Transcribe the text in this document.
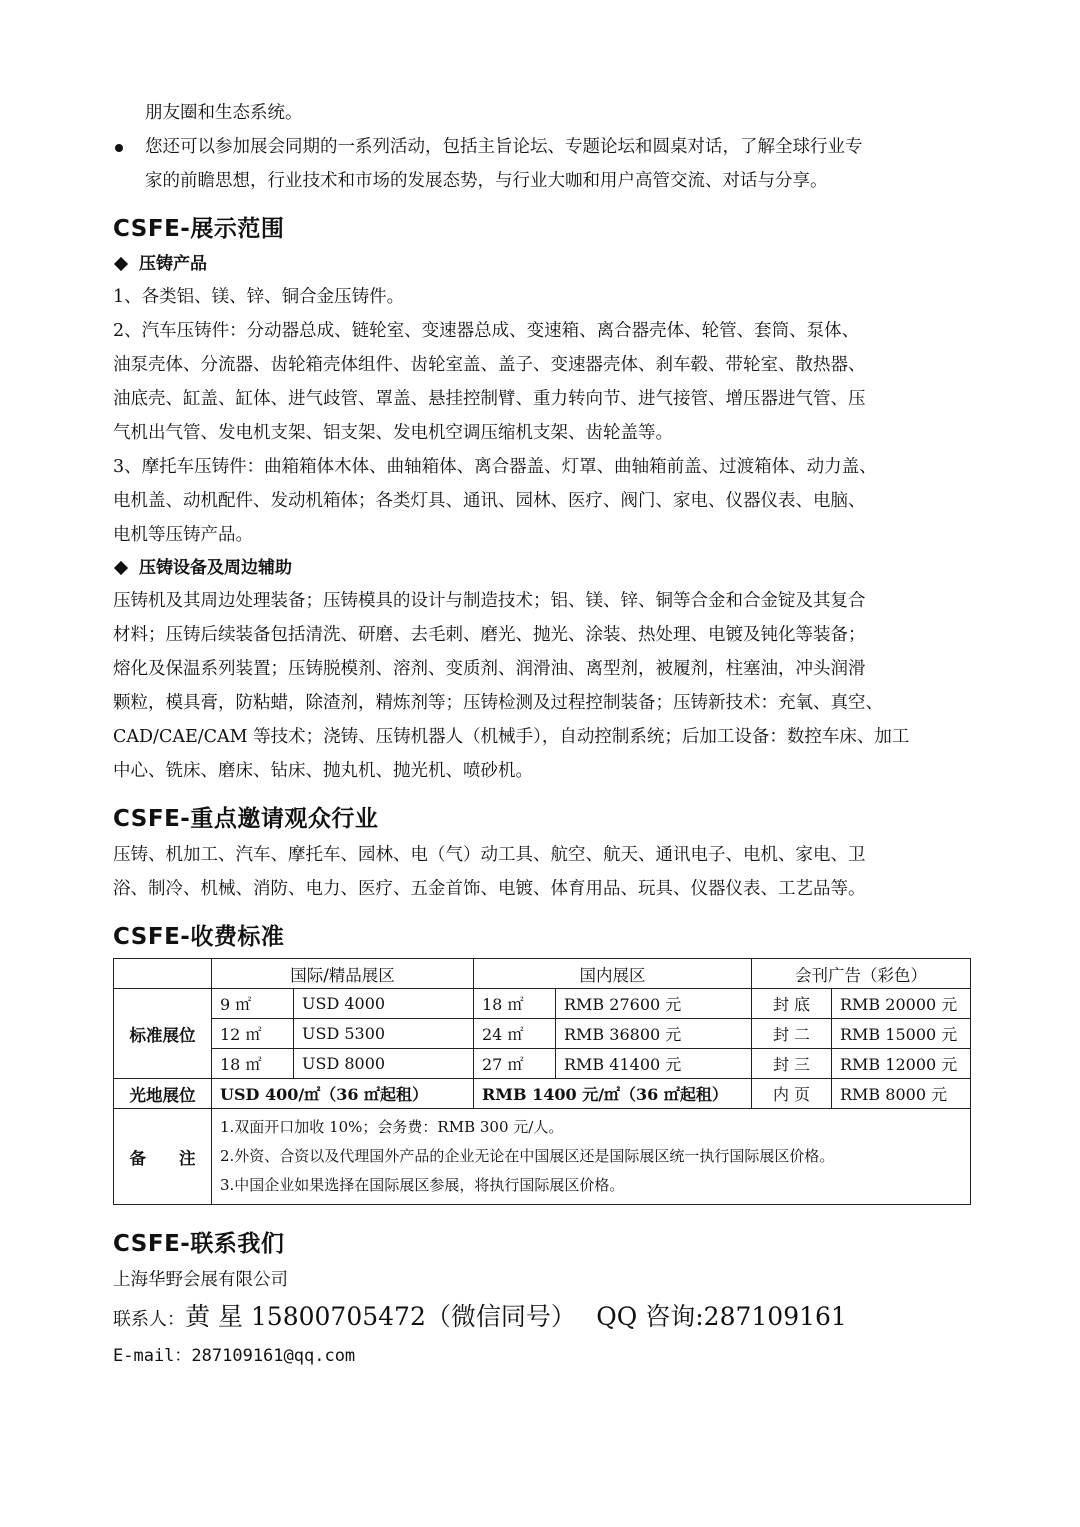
朋友圈和生态系统。
您还可以参加展会同期的一系列活动，包括主旨论坛、专题论坛和圆桌对话，了解全球行业专
家的前瞻思想，行业技术和市场的发展态势，与行业大咖和用户高管交流、对话与分享。
CSFE-展示范围
压铸产品
1、各类铝、镁、锌、铜合金压铸件。
2、汽车压铸件：分动器总成、链轮室、变速器总成、变速箱、离合器壳体、轮管、套筒、泵体、
油泵壳体、分流器、齿轮箱壳体组件、齿轮室盖、盖子、变速器壳体、刹车毂、带轮室、散热器、
油底壳、缸盖、缸体、进气歧管、罩盖、悬挂控制臂、重力转向节、进气接管、增压器进气管、压
气机出气管、发电机支架、铝支架、发电机空调压缩机支架、齿轮盖等。
3、摩托车压铸件：曲箱箱体木体、曲轴箱体、离合器盖、灯罩、曲轴箱前盖、过渡箱体、动力盖、
电机盖、动机配件、发动机箱体；各类灯具、通讯、园林、医疗、阀门、家电、仪器仪表、电脑、
电机等压铸产品。
压铸设备及周边辅助
压铸机及其周边处理装备；压铸模具的设计与制造技术；铝、镁、锌、铜等合金和合金锭及其复合
材料；压铸后续装备包括清洗、研磨、去毛刺、磨光、抛光、涂装、热处理、电镀及钝化等装备；
熔化及保温系列装置；压铸脱模剂、溶剂、变质剂、润滑油、离型剂，被履剂，柱塞油，冲头润滑
颗粒，模具膏，防粘蜡，除渣剂，精炼剂等；压铸检测及过程控制装备；压铸新技术：充氧、真空、
CAD/CAE/CAM 等技术；浇铸、压铸机器人（机械手），自动控制系统；后加工设备：数控车床、加工
中心、铣床、磨床、钻床、抛丸机、抛光机、喷砂机。
CSFE-重点邀请观众行业
压铸、机加工、汽车、摩托车、园林、电（气）动工具、航空、航天、通讯电子、电机、家电、卫
浴、制冷、机械、消防、电力、医疗、五金首饰、电镀、体育用品、玩具、仪器仪表、工艺品等。
CSFE-收费标准
	国际/精品展区		国内展区		会刊广告（彩色）	
标准展位	9 ㎡	USD 4000	18 ㎡	RMB 27600 元	封 底	RMB 20000 元
	12 ㎡	USD 5300	24 ㎡	RMB 36800 元	封 二	RMB 15000 元
	18 ㎡	USD 8000	27 ㎡	RMB 41400 元	封 三	RMB 12000 元
光地展位	USD 400/㎡（36 ㎡起租）		RMB 1400 元/㎡（36 ㎡起租）		内 页	RMB 8000 元
备　　注	1.双面开口加收 10%；会务费：RMB 300 元/人。
2.外资、合资以及代理国外产品的企业无论在中国展区还是国际展区统一执行国际展区价格。
3.中国企业如果选择在国际展区参展，将执行国际展区价格。					
CSFE-联系我们
上海华野会展有限公司
联系人：黄 星 15800705472（微信同号）　 QQ 咨询:287109161
E-mail：287109161@qq.com
